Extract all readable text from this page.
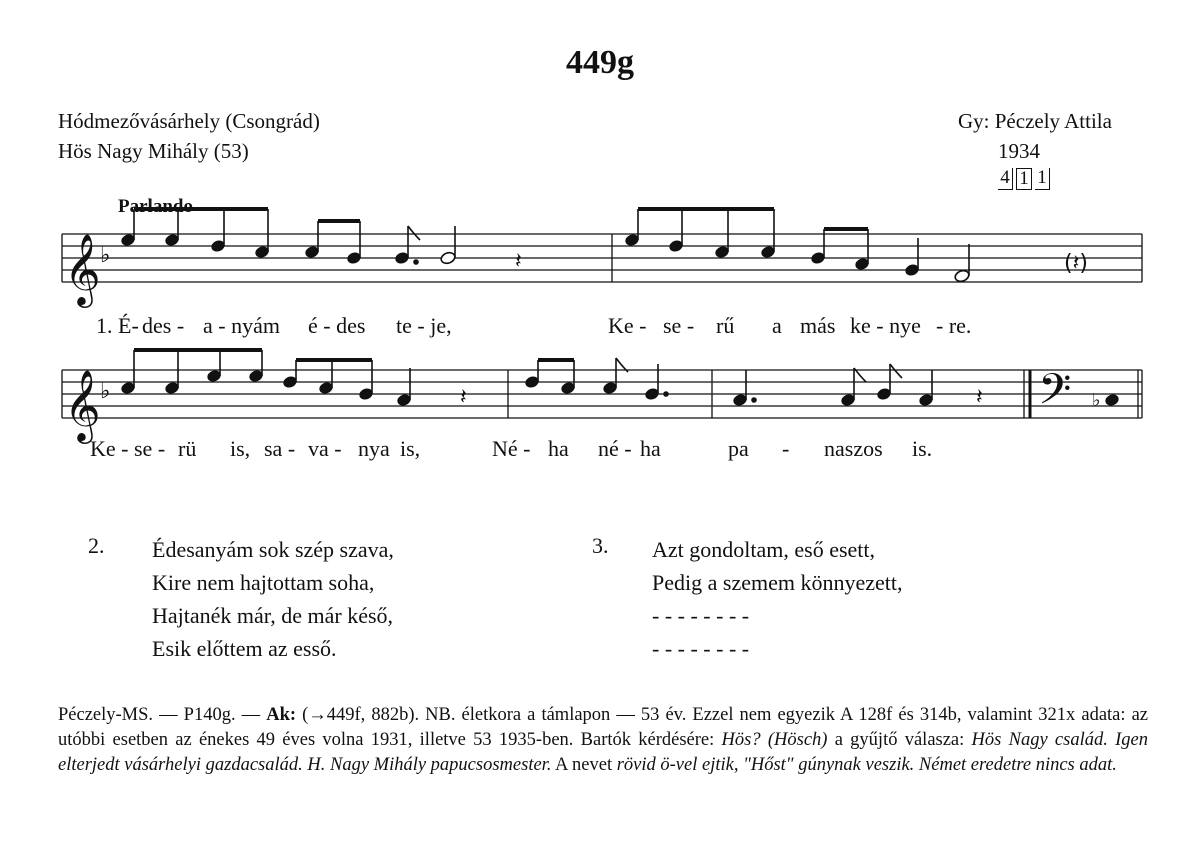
449g
Hódmezővásárhely (Csongrád)
Hös Nagy Mihály (53)
Gy: Péczely Attila
1934
4 1 1
Parlando
𝄞 ♭	𝄽	(𝄽)
𝄞 ♭	𝄽	𝄽 𝄢 ♭
1. É- des - a - nyám é - des te - je,	Ke - se - rű a más ke - nye - re.
Ke - se - rü is, sa - va - nya is,	Né - ha né - ha	pa - naszos is.
2. Édesanyám sok szép szava,
Kire nem hajtottam soha,
Hajtanék már, de már késő,
Esik előttem az esső.
3. Azt gondoltam, eső esett,
Pedig a szemem könnyezett,
- - - - - - - -
- - - - - - - -
Péczely-MS. — P140g. — Ak: (→449f, 882b). NB. életkora a támlapon — 53 év. Ezzel nem egyezik A 128f és 314b, valamint 321x adata: az utóbbi esetben az énekes 49 éves volna 1931, illetve 53 1935-ben. Bartók kérdésére: Hös? (Hösch) a gyűjtő válasza: Hös Nagy család. Igen elterjedt vásárhelyi gazdacsalád. H. Nagy Mihály papucsosmester. A nevet rövid ö-vel ejtik, "Hőst" gúnynak veszik. Német eredetre nincs adat.
